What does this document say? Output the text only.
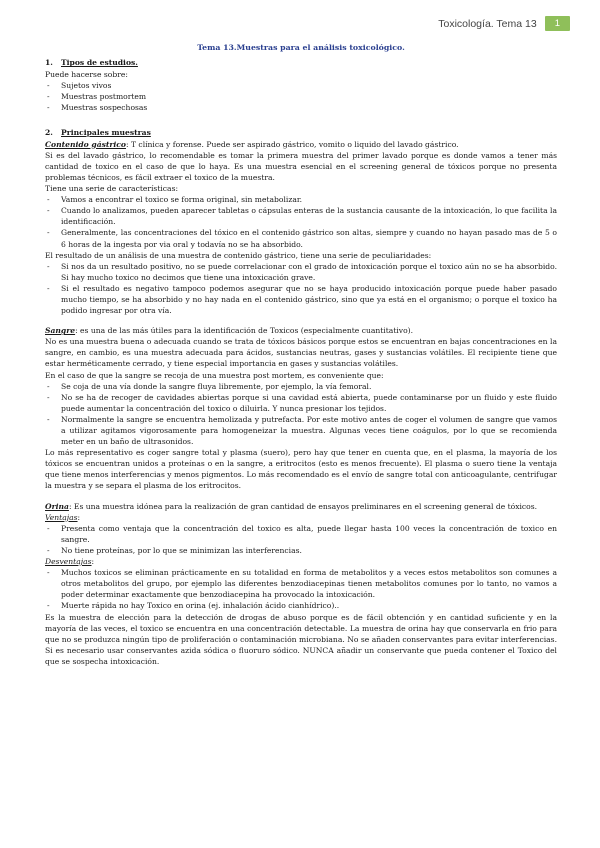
Toxicología. Tema 13	1

Tema 13.Muestras para el análisis toxicológico.

1. Tipos de estudios.

Puede hacerse sobre:

- Sujetos vivos
- Muestras postmortem
- Muestras sospechosas
2. Principales muestras

Contenido gástrico: T clínica y forense. Puede ser aspirado gástrico, vomito o liquido del lavado gástrico.

Si es del lavado gástrico, lo recomendable es tomar la primera muestra del primer lavado porque es donde vamos a tener más cantidad de toxico en el caso de que lo haya. Es una muestra esencial en el screening general de tóxicos porque no presenta problemas técnicos, es fácil extraer el toxico de la muestra.

Tiene una serie de características:

- Vamos a encontrar el toxico se forma original, sin metabolizar.
- Cuando lo analizamos, pueden aparecer tabletas o cápsulas enteras de la sustancia causante de la intoxicación, lo que facilita la identificación.
- Generalmente, las concentraciones del tóxico en el contenido gástrico son altas, siempre y cuando no hayan pasado mas de 5 o 6 horas de la ingesta por via oral y todavía no se ha absorbido.

El resultado de un análisis de una muestra de contenido gástrico, tiene una serie de peculiaridades:

- Si nos da un resultado positivo, no se puede correlacionar con el grado de intoxicación porque el toxico aún no se ha absorbido. Si hay mucho toxico no decimos que tiene una intoxicación grave.
- Si el resultado es negativo tampoco podemos asegurar que no se haya producido intoxicación porque puede haber pasado mucho tiempo, se ha absorbido y no hay nada en el contenido gástrico, sino que ya está en el organismo; o porque el toxico ha podido ingresar por otra vía.

Sangre: es una de las más útiles para la identificación de Toxicos (especialmente cuantitativo).

No es una muestra buena o adecuada cuando se trata de tóxicos básicos porque estos se encuentran en bajas concentraciones en la sangre, en cambio, es una muestra adecuada para ácidos, sustancias neutras, gases y sustancias volátiles. El recipiente tiene que estar herméticamente cerrado, y tiene especial importancia en gases y sustancias volátiles.

En el caso de que la sangre se recoja de una muestra post mortem, es conveniente que:

- Se coja de una vía donde la sangre fluya libremente, por ejemplo, la vía femoral.
- No se ha de recoger de cavidades abiertas porque si una cavidad está abierta, puede contaminarse por un fluido y este fluido puede aumentar la concentración del toxico o diluirla. Y nunca presionar los tejidos.
- Normalmente la sangre se encuentra hemolizada y putrefacta. Por este motivo antes de coger el volumen de sangre que vamos a utilizar agitamos vigorosamente para homogeneizar la muestra. Algunas veces tiene coágulos, por lo que se recomienda meter en un baño de ultrasonidos.

Lo más representativo es coger sangre total y plasma (suero), pero hay que tener en cuenta que, en el plasma, la mayoría de los tóxicos se encuentran unidos a proteínas o en la sangre, a eritrocitos (esto es menos frecuente). El plasma o suero tiene la ventaja que tiene menos interferencias y menos pigmentos. Lo más recomendado es el envío de sangre total con anticoagulante, centrifugar la muestra y se separa el plasma de los eritrocitos.

Orina: Es una muestra idónea para la realización de gran cantidad de ensayos preliminares en el screening general de tóxicos.

Ventajas:

- Presenta como ventaja que la concentración del toxico es alta, puede llegar hasta 100 veces la concentración de toxico en sangre.
- No tiene proteínas, por lo que se minimizan las interferencias.

Desventajas:

- Muchos toxicos se eliminan prácticamente en su totalidad en forma de metabolitos y a veces estos metabolitos son comunes a otros metabolitos del grupo, por ejemplo las diferentes benzodiacepinas tienen metabolitos comunes por lo tanto, no vamos a poder determinar exactamente que benzodiacepina ha provocado la intoxicación.
- Muerte rápida no hay Toxico en orina (ej. inhalación ácido cianhídrico)..

Es la muestra de elección para la detección de drogas de abuso porque es de fácil obtención y en cantidad suficiente y en la mayoría de las veces, el toxico se encuentra en una concentración detectable. La muestra de orina hay que conservarla en frio para que no se produzca ningún tipo de proliferación o contaminación microbiana. No se añaden conservantes para evitar interferencias. Si es necesario usar conservantes azida sódica o fluoruro sódico. NUNCA añadir un conservante que pueda contener el Toxico del que se sospecha intoxicación.
